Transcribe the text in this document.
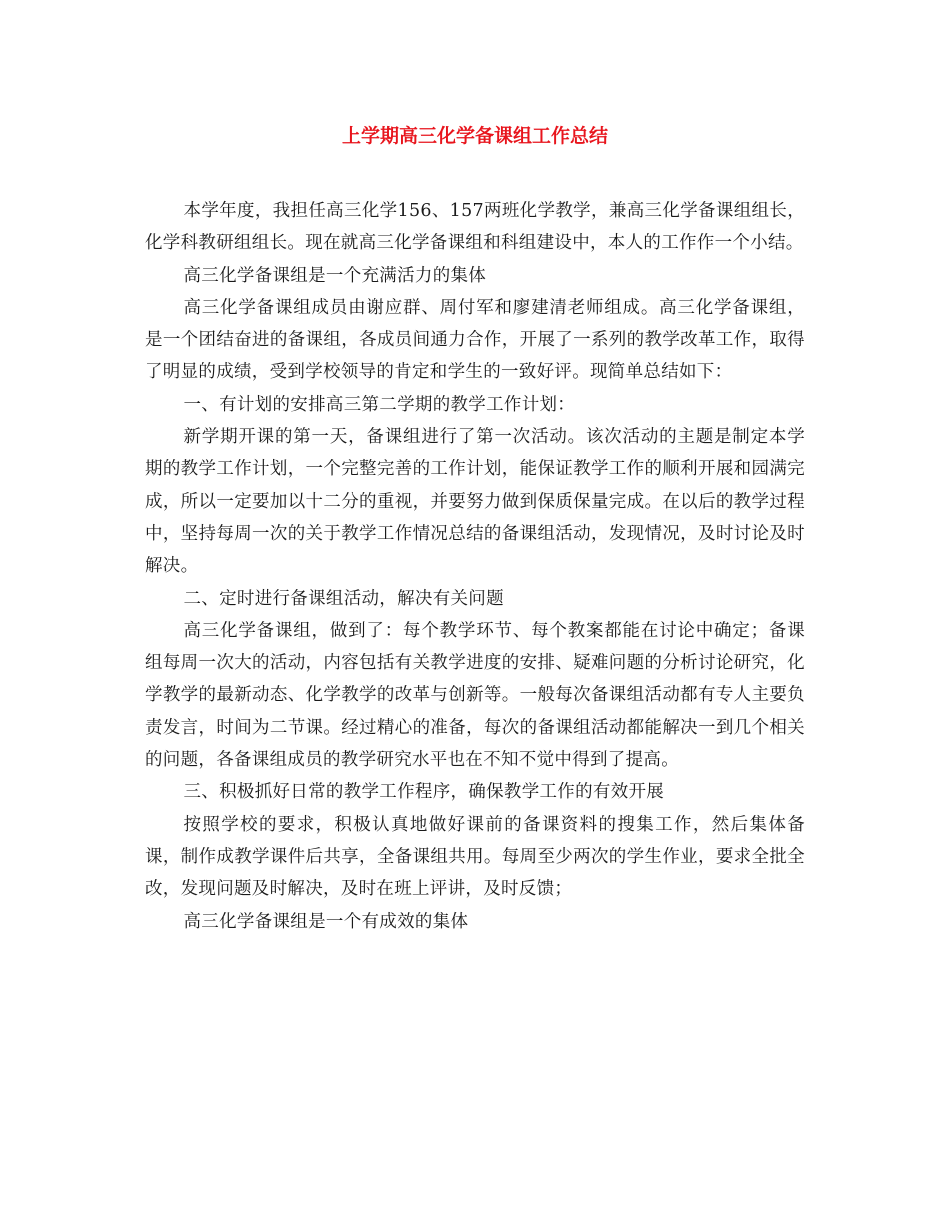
上学期高三化学备课组工作总结

本学年度，我担任高三化学156、157两班化学教学，兼高三化学备课组组长，化学科教研组组长。现在就高三化学备课组和科组建设中，本人的工作作一个小结。

高三化学备课组是一个充满活力的集体

高三化学备课组成员由谢应群、周付军和廖建清老师组成。高三化学备课组，是一个团结奋进的备课组，各成员间通力合作，开展了一系列的教学改革工作，取得了明显的成绩，受到学校领导的肯定和学生的一致好评。现简单总结如下：

一、有计划的安排高三第二学期的教学工作计划：

新学期开课的第一天，备课组进行了第一次活动。该次活动的主题是制定本学期的教学工作计划，一个完整完善的工作计划，能保证教学工作的顺利开展和园满完成，所以一定要加以十二分的重视，并要努力做到保质保量完成。在以后的教学过程中，坚持每周一次的关于教学工作情况总结的备课组活动，发现情况，及时讨论及时解决。

二、定时进行备课组活动，解决有关问题

高三化学备课组，做到了：每个教学环节、每个教案都能在讨论中确定；备课组每周一次大的活动，内容包括有关教学进度的安排、疑难问题的分析讨论研究，化学教学的最新动态、化学教学的改革与创新等。一般每次备课组活动都有专人主要负责发言，时间为二节课。经过精心的准备，每次的备课组活动都能解决一到几个相关的问题，各备课组成员的教学研究水平也在不知不觉中得到了提高。

三、积极抓好日常的教学工作程序，确保教学工作的有效开展

按照学校的要求，积极认真地做好课前的备课资料的搜集工作，然后集体备课，制作成教学课件后共享，全备课组共用。每周至少两次的学生作业，要求全批全改，发现问题及时解决，及时在班上评讲，及时反馈；

高三化学备课组是一个有成效的集体
